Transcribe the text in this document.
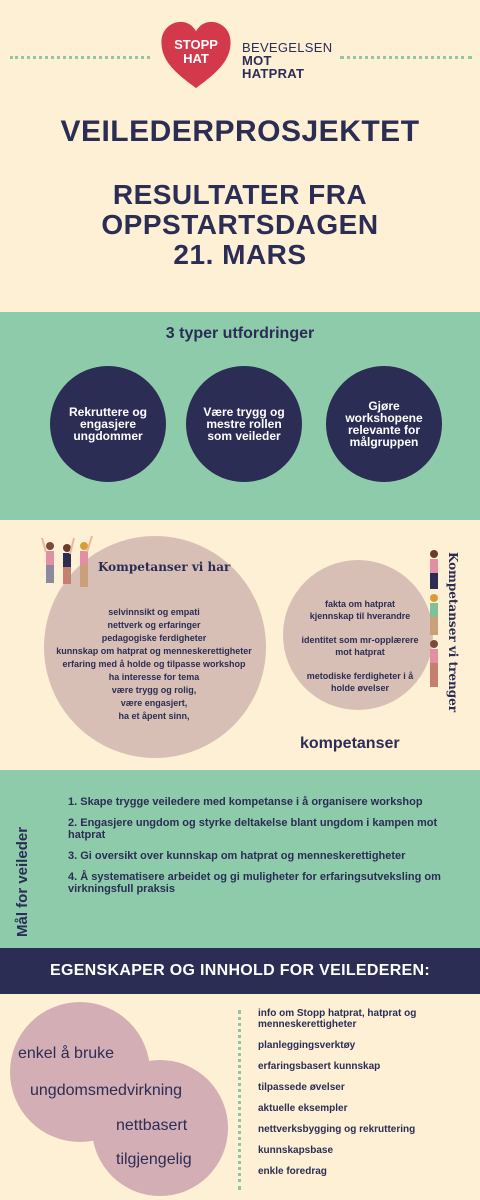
STOPP
HAT
BEVEGELSEN
MOT
HATPRAT
VEILEDERPROSJEKTET
RESULTATER FRA
OPPSTARTSDAGEN
21. MARS
3 typer utfordringer
Rekruttere og engasjere ungdommer
Være trygg og mestre rollen som veileder
Gjøre workshopene relevante for målgruppen
Kompetanser vi har
selvinnsikt og empati
nettverk og erfaringer
pedagogiske ferdigheter
kunnskap om hatprat og menneskerettigheter
erfaring med å holde og tilpasse workshop
ha interesse for tema
være trygg og rolig,
være engasjert,
ha et åpent sinn,
fakta om hatprat
kjennskap til hverandre
identitet som mr-opplærere mot hatprat
metodiske ferdigheter i å holde øvelser	Kompetanser vi trenger
kompetanser
Mål for veileder
1. Skape trygge veiledere med kompetanse i å organisere workshop
2. Engasjere ungdom og styrke deltakelse blant ungdom i kampen mot hatprat
3. Gi oversikt over kunnskap om hatprat og menneskerettigheter
4. Å systematisere arbeidet og gi muligheter for erfaringsutveksling om virkningsfull praksis
EGENSKAPER OG INNHOLD FOR VEILEDEREN:
enkel å bruke
ungdomsmedvirkning
nettbasert
tilgjengelig
info om Stopp hatprat, hatprat og menneskerettigheter
planleggingsverktøy
erfaringsbasert kunnskap
tilpassede øvelser
aktuelle eksempler
nettverksbygging og rekruttering
kunnskapsbase
enkle foredrag
